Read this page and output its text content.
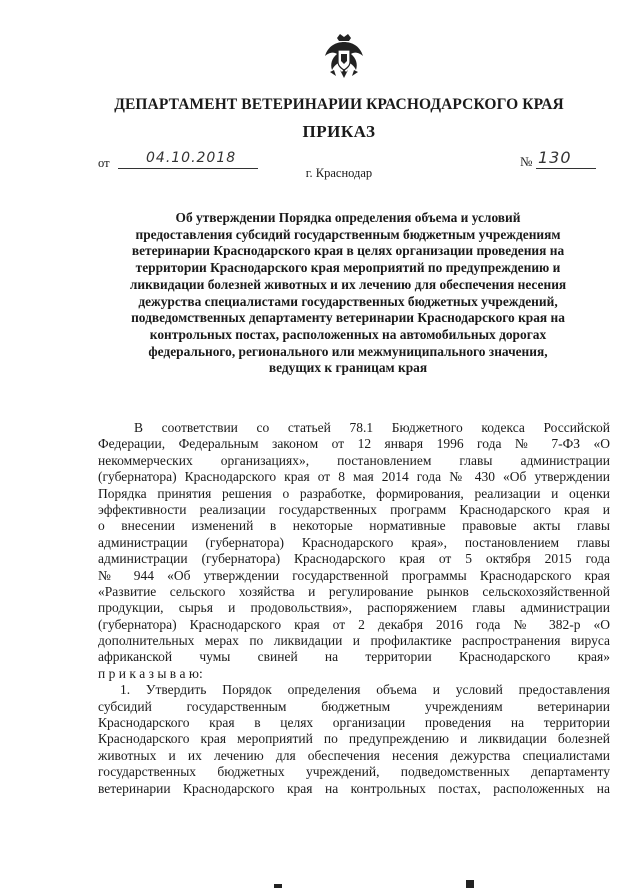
ДЕПАРТАМЕНТ ВЕТЕРИНАРИИ КРАСНОДАРСКОГО КРАЯ
ПРИКАЗ
от	04.10.2018	№ 130
г. Краснодар
Об утверждении Порядка определения объема и условий
предоставления субсидий государственным бюджетным учреждениям
ветеринарии Краснодарского края в целях организации проведения на
территории Краснодарского края мероприятий по предупреждению и
ликвидации болезней животных и их лечению для обеспечения несения
дежурства специалистами государственных бюджетных учреждений,
подведомственных департаменту ветеринарии Краснодарского края на
контрольных постах, расположенных на автомобильных дорогах
федерального, регионального или межмуниципального значения,
ведущих к границам края
В соответствии со статьей 78.1 Бюджетного кодекса Российской
Федерации, Федеральным законом от 12 января 1996 года № 7-ФЗ «О
некоммерческих организациях», постановлением главы администрации
(губернатора) Краснодарского края от 8 мая 2014 года № 430 «Об утверждении
Порядка принятия решения о разработке, формирования, реализации и оценки
эффективности реализации государственных программ Краснодарского края и
о внесении изменений в некоторые нормативные правовые акты главы
администрации (губернатора) Краснодарского края», постановлением главы
администрации (губернатора) Краснодарского края от 5 октября 2015 года
№ 944 «Об утверждении государственной программы Краснодарского края
«Развитие сельского хозяйства и регулирование рынков сельскохозяйственной
продукции, сырья и продовольствия», распоряжением главы администрации
(губернатора) Краснодарского края от 2 декабря 2016 года № 382-р «О
дополнительных мерах по ликвидации и профилактике распространения вируса
африканской чумы свиней на территории Краснодарского края»
п р и к а з ы в а ю:
1. Утвердить Порядок определения объема и условий предоставления
субсидий государственным бюджетным учреждениям ветеринарии
Краснодарского края в целях организации проведения на территории
Краснодарского края мероприятий по предупреждению и ликвидации болезней
животных и их лечению для обеспечения несения дежурства специалистами
государственных бюджетных учреждений, подведомственных департаменту
ветеринарии Краснодарского края на контрольных постах, расположенных на
